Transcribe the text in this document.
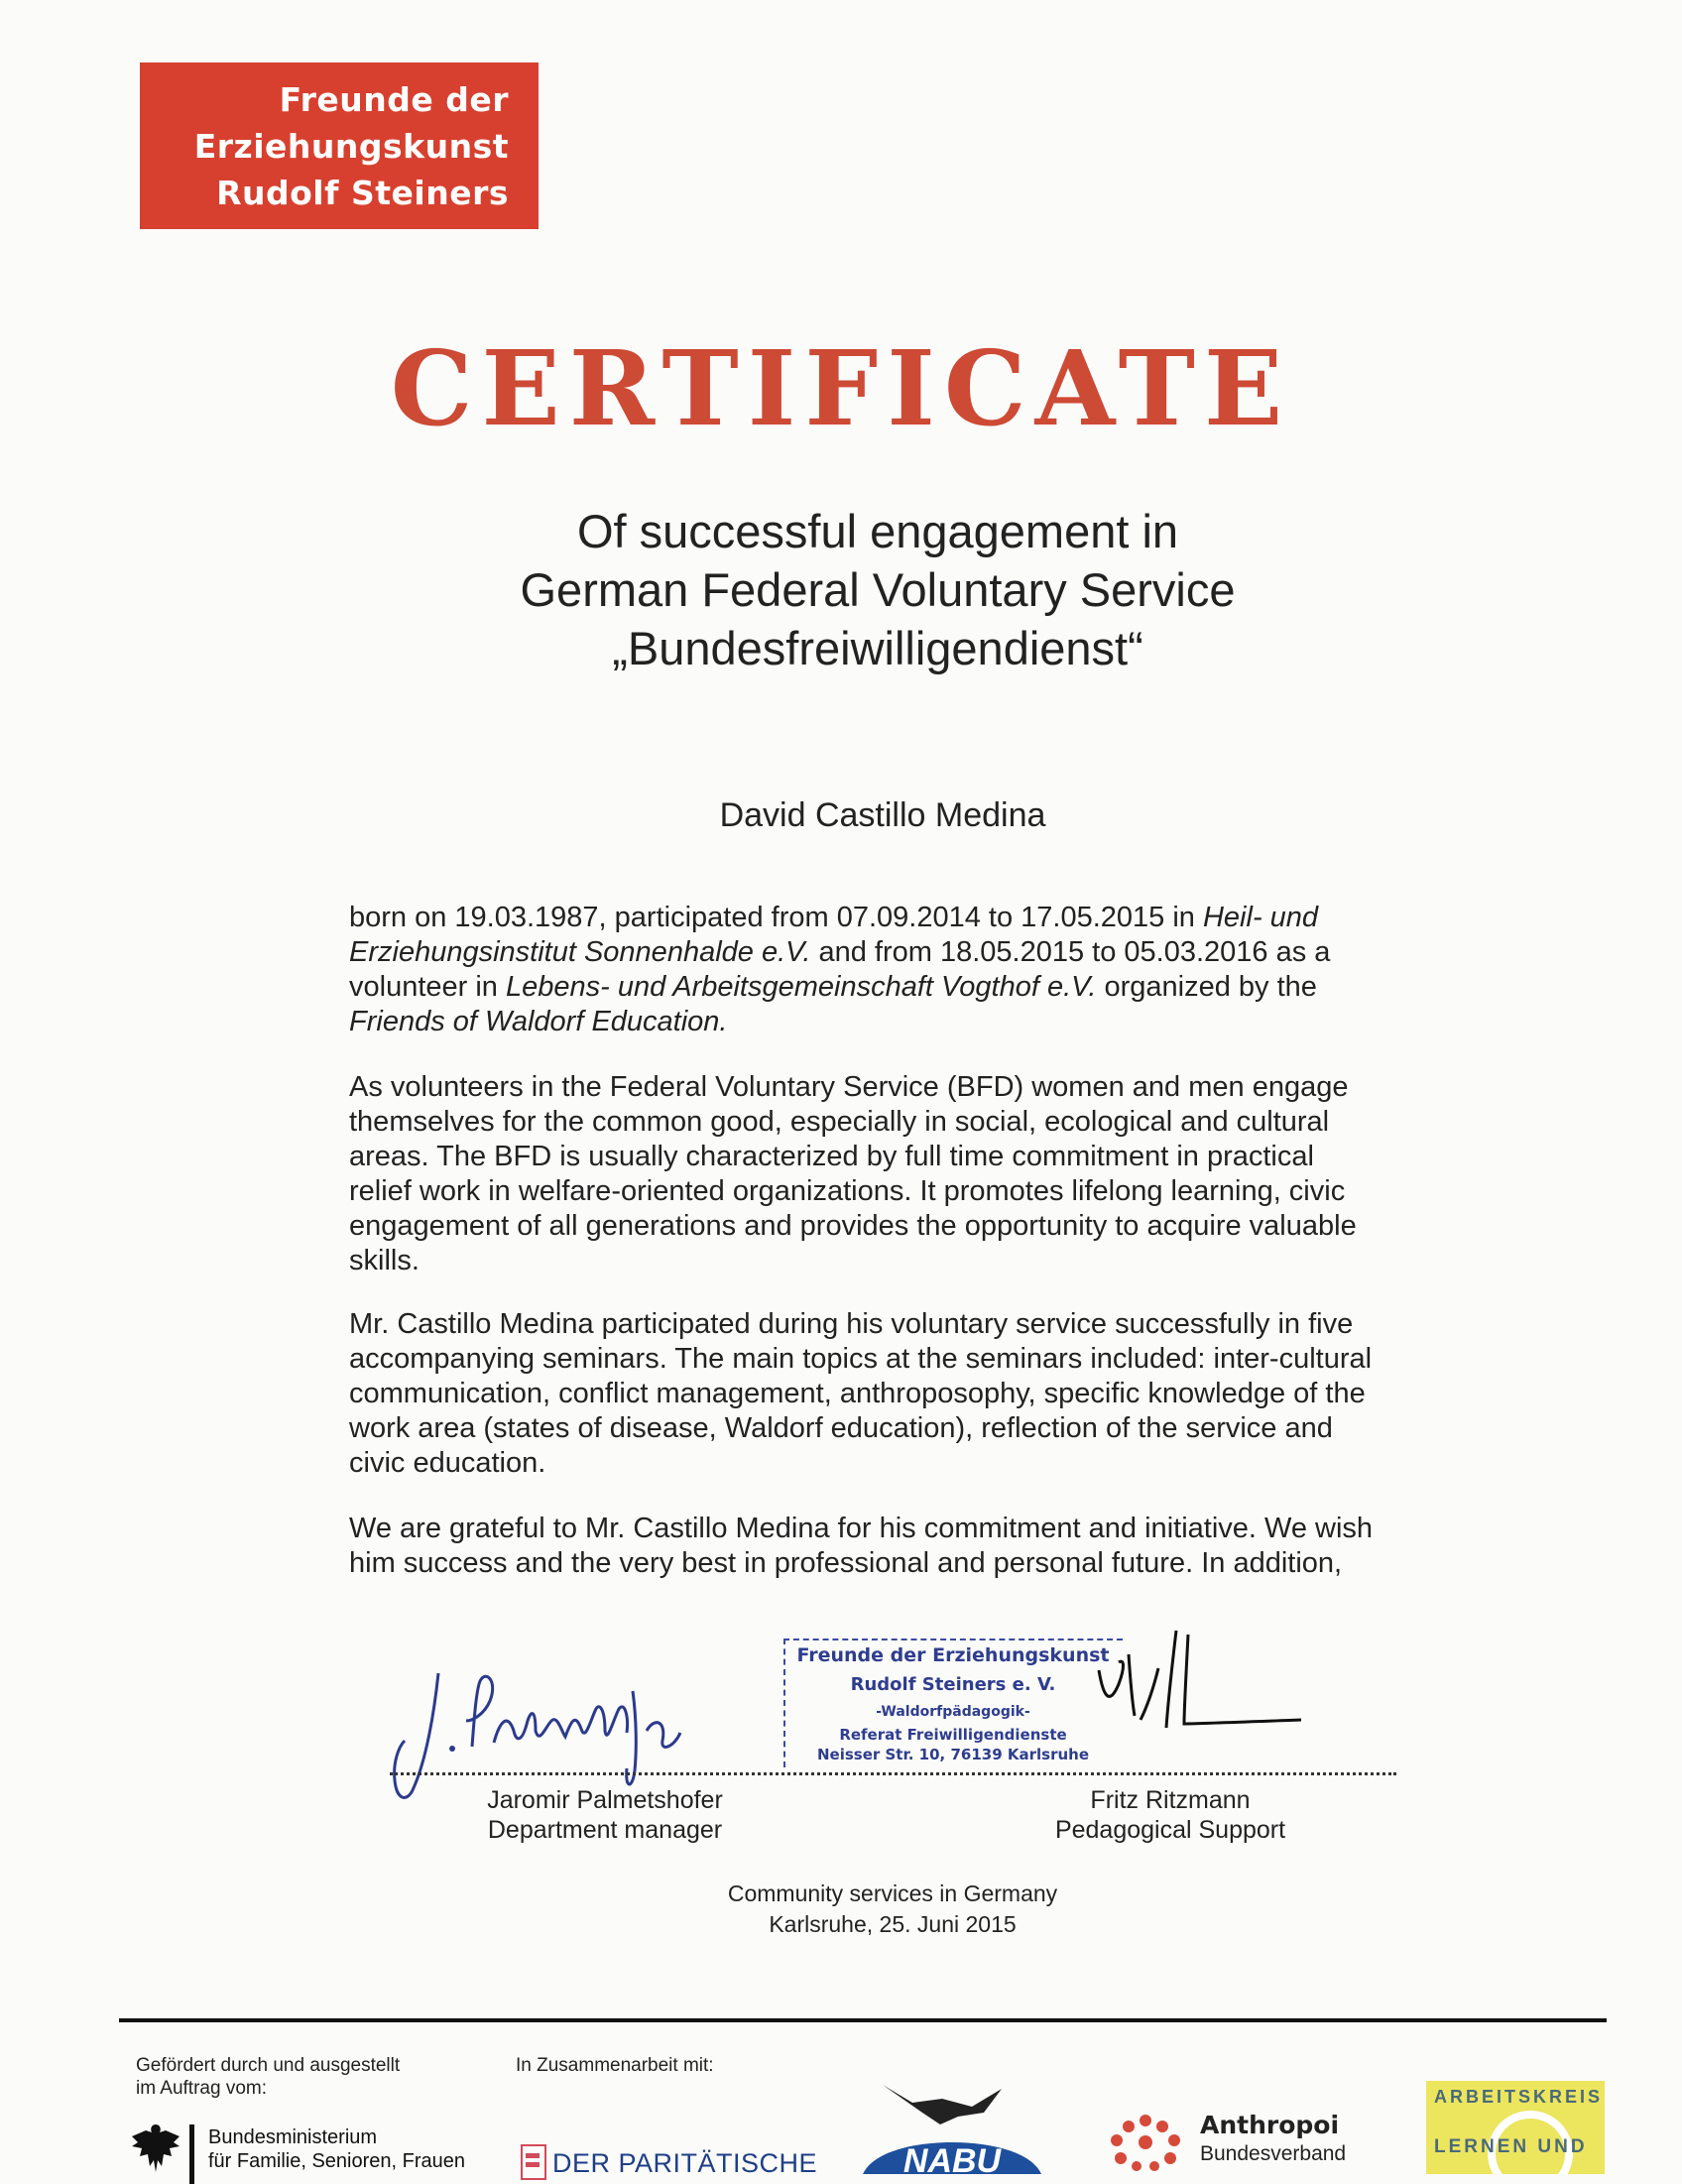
Freunde der
Erziehungskunst
Rudolf Steiners
CERTIFICATE
Of successful engagement in
German Federal Voluntary Service
„Bundesfreiwilligendienst“
David Castillo Medina
born on 19.03.1987, participated from 07.09.2014 to 17.05.2015 in Heil- und
Erziehungsinstitut Sonnenhalde e.V. and from 18.05.2015 to 05.03.2016 as a
volunteer in Lebens- und Arbeitsgemeinschaft Vogthof e.V. organized by the
Friends of Waldorf Education.
As volunteers in the Federal Voluntary Service (BFD) women and men engage
themselves for the common good, especially in social, ecological and cultural
areas. The BFD is usually characterized by full time commitment in practical
relief work in welfare-oriented organizations. It promotes lifelong learning, civic
engagement of all generations and provides the opportunity to acquire valuable
skills.
Mr. Castillo Medina participated during his voluntary service successfully in five
accompanying seminars. The main topics at the seminars included: inter-cultural
communication, conflict management, anthroposophy, specific knowledge of the
work area (states of disease, Waldorf education), reflection of the service and
civic education.
We are grateful to Mr. Castillo Medina for his commitment and initiative. We wish
him success and the very best in professional and personal future. In addition,
Freunde der Erziehungskunst
Rudolf Steiners e. V.
-Waldorfpädagogik-
Referat Freiwilligendienste
Neisser Str. 10, 76139 Karlsruhe
Jaromir Palmetshofer
Department manager
Fritz Ritzmann
Pedagogical Support
Community services in Germany
Karlsruhe, 25. Juni 2015
Gefördert durch und ausgestellt
im Auftrag vom:
In Zusammenarbeit mit:
Bundesministerium
für Familie, Senioren, Frauen	DER PARITÄTISCHE	NABU
Anthropoi
Bundesverband
ARBEITSKREIS
LERNEN UND
